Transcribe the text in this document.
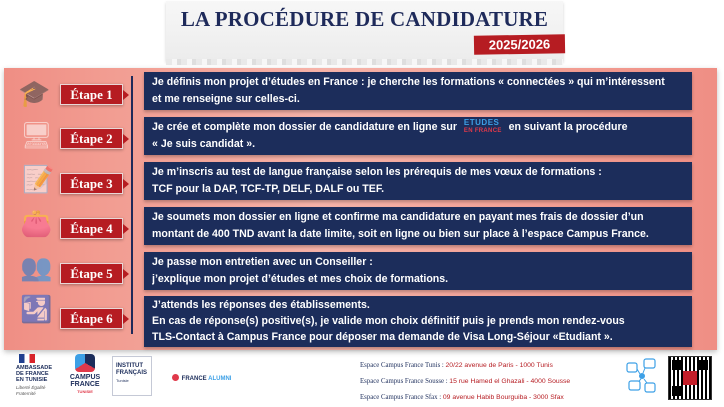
LA PROCÉDURE DE CANDIDATURE
2025/2026
🎓
🖥
📝
👛
👥
🛂
Étape 1
Étape 2
Étape 3
Étape 4
Étape 5
Étape 6
Je définis mon projet d’études en France : je cherche les formations « connectées » qui m’intéressent
et me renseigne sur celles-ci.
Je crée et complète mon dossier de candidature en ligne sur ÉTUDES
EN FRANCE en suivant la procédure
« Je suis candidat ».
Je m’inscris au test de langue française selon les prérequis de mes vœux de formations :
TCF pour la DAP, TCF-TP, DELF, DALF ou TEF.
Je soumets mon dossier en ligne et confirme ma candidature en payant mes frais de dossier d’un
montant de 400 TND avant la date limite, soit en ligne ou bien sur place à l’espace Campus France.
Je passe mon entretien avec un Conseiller :
j’explique mon projet d’études et mes choix de formations.
J’attends les réponses des établissements.
En cas de réponse(s) positive(s), je valide mon choix définitif puis je prends mon rendez-vous
TLS-Contact à Campus France pour déposer ma demande de Visa Long-Séjour «Etudiant ».
AMBASSADE
DE FRANCE
EN TUNISIE
Liberté Égalité Fraternité
CAMPUS
FRANCE
TUNISIE
INSTITUT
FRANÇAIS
Tunisie	FRANCE ALUMNI
Espace Campus France Tunis : 20/22 avenue de Paris - 1000 Tunis
Espace Campus France Sousse : 15 rue Hamed el Ghazali - 4000 Sousse
Espace Campus France Sfax : 09 avenue Habib Bourguiba - 3000 Sfax
